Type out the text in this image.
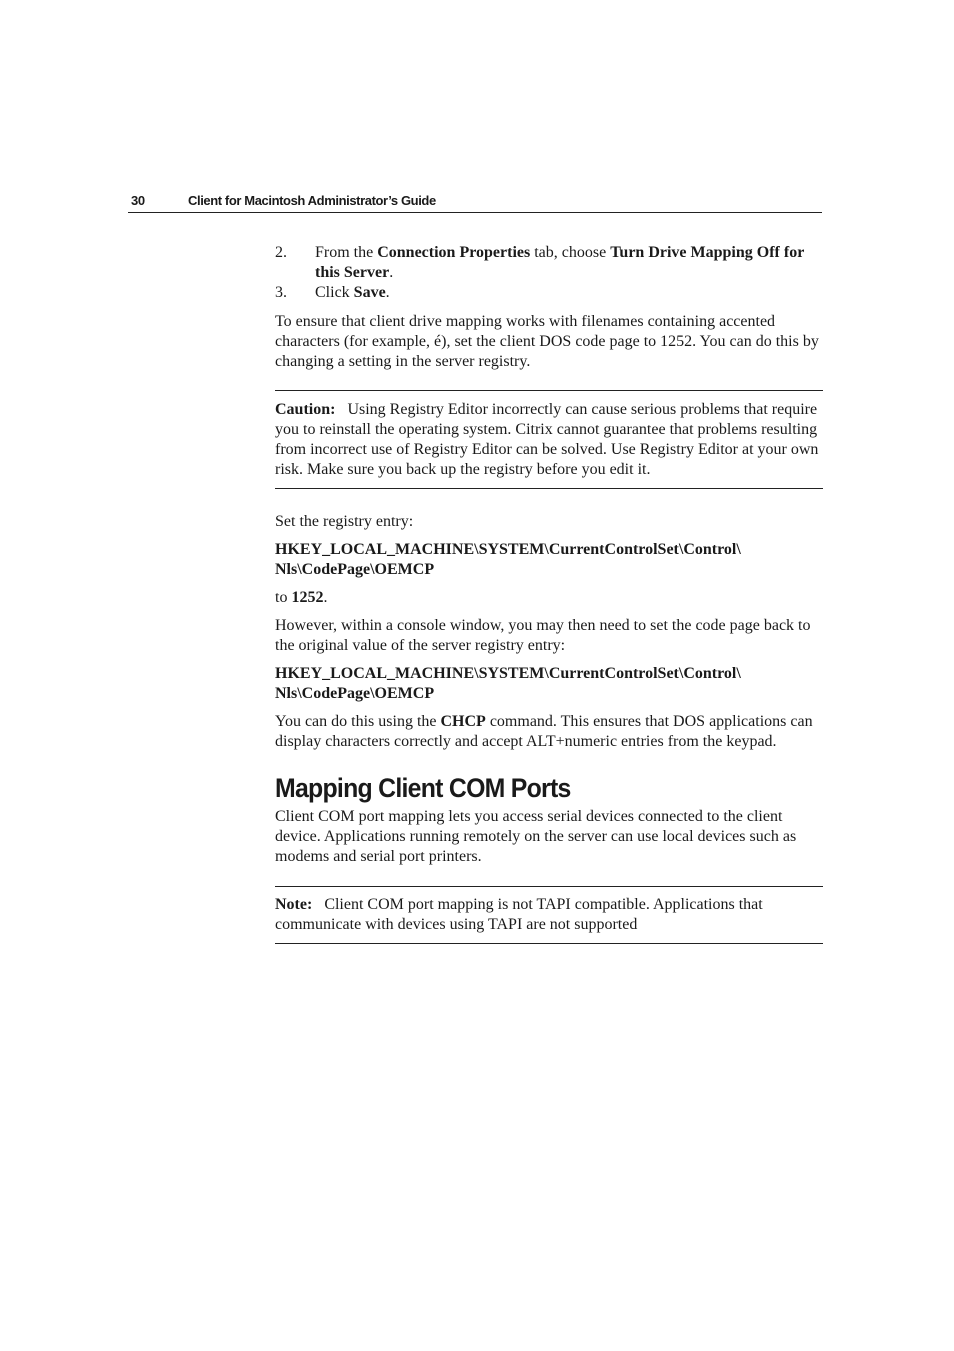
30	Client for Macintosh Administrator’s Guide

2. From the Connection Properties tab, choose Turn Drive Mapping Off for this Server.

3. Click Save.

To ensure that client drive mapping works with filenames containing accented characters (for example, é), set the client DOS code page to 1252. You can do this by changing a setting in the server registry.

Caution: Using Registry Editor incorrectly can cause serious problems that require you to reinstall the operating system. Citrix cannot guarantee that problems resulting from incorrect use of Registry Editor can be solved. Use Registry Editor at your own risk. Make sure you back up the registry before you edit it.

Set the registry entry:

HKEY_LOCAL_MACHINE\SYSTEM\CurrentControlSet\Control\
Nls\CodePage\OEMCP

to 1252.

However, within a console window, you may then need to set the code page back to the original value of the server registry entry:

HKEY_LOCAL_MACHINE\SYSTEM\CurrentControlSet\Control\
Nls\CodePage\OEMCP

You can do this using the CHCP command. This ensures that DOS applications can display characters correctly and accept ALT+numeric entries from the keypad.

Mapping Client COM Ports

Client COM port mapping lets you access serial devices connected to the client device. Applications running remotely on the server can use local devices such as modems and serial port printers.

Note: Client COM port mapping is not TAPI compatible. Applications that communicate with devices using TAPI are not supported
